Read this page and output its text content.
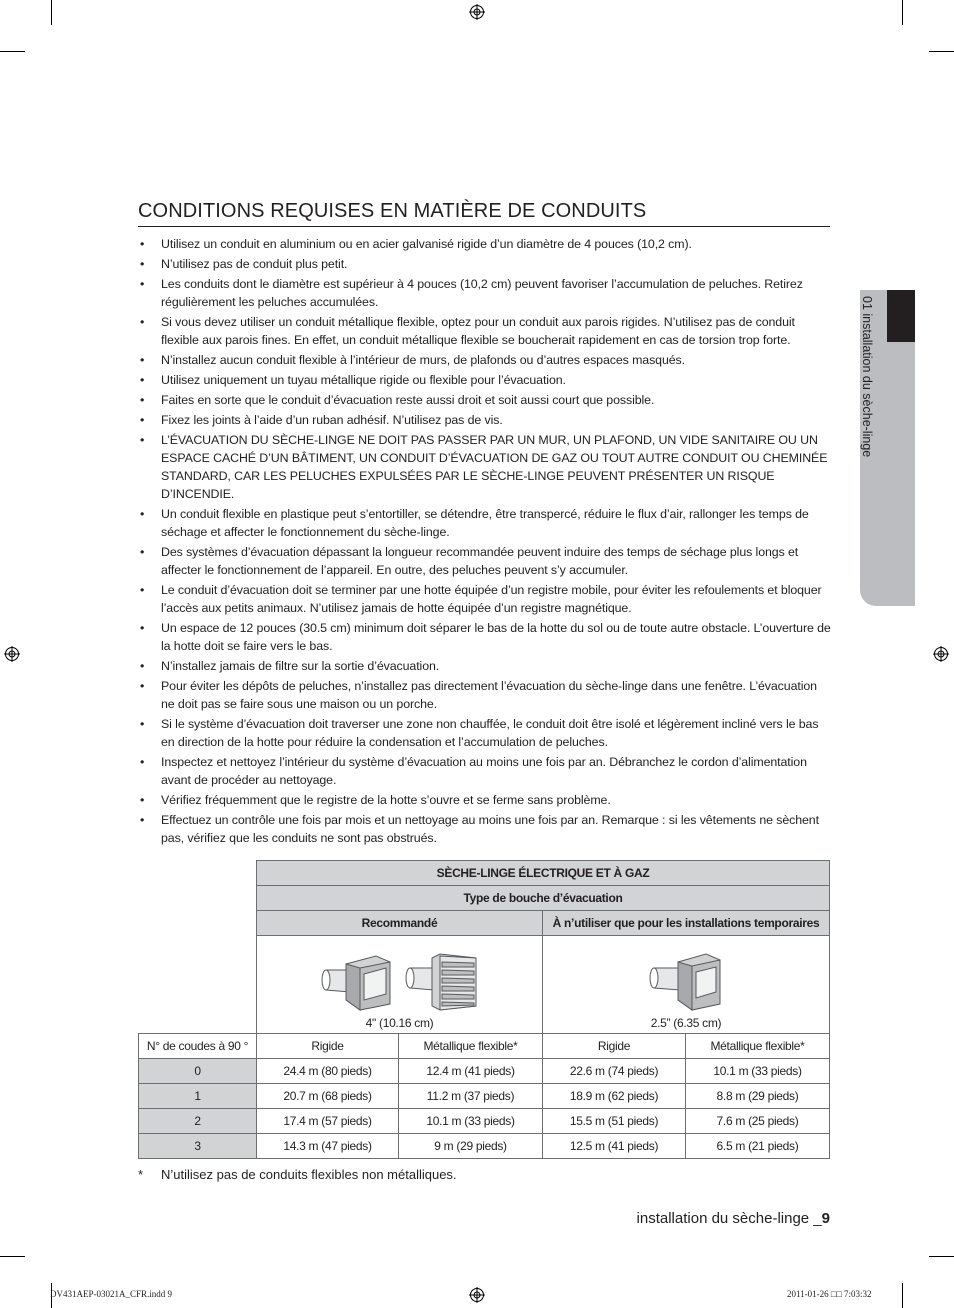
01 installation du sèche-linge
CONDITIONS REQUISES EN MATIÈRE DE CONDUITS
• Utilisez un conduit en aluminium ou en acier galvanisé rigide d’un diamètre de 4 pouces (10,2 cm).
• N’utilisez pas de conduit plus petit.
• Les conduits dont le diamètre est supérieur à 4 pouces (10,2 cm) peuvent favoriser l’accumulation de peluches. Retirez régulièrement les peluches accumulées.
• Si vous devez utiliser un conduit métallique flexible, optez pour un conduit aux parois rigides. N’utilisez pas de conduit flexible aux parois fines. En effet, un conduit métallique flexible se boucherait rapidement en cas de torsion trop forte.
• N’installez aucun conduit flexible à l’intérieur de murs, de plafonds ou d’autres espaces masqués.
• Utilisez uniquement un tuyau métallique rigide ou flexible pour l’évacuation.
• Faites en sorte que le conduit d’évacuation reste aussi droit et soit aussi court que possible.
• Fixez les joints à l’aide d’un ruban adhésif. N’utilisez pas de vis.
• L’ÉVACUATION DU SÈCHE-LINGE NE DOIT PAS PASSER PAR UN MUR, UN PLAFOND, UN VIDE SANITAIRE OU UN ESPACE CACHÉ D’UN BÂTIMENT, UN CONDUIT D’ÉVACUATION DE GAZ OU TOUT AUTRE CONDUIT OU CHEMINÉE STANDARD, CAR LES PELUCHES EXPULSÉES PAR LE SÈCHE-LINGE PEUVENT PRÉSENTER UN RISQUE D’INCENDIE.
• Un conduit flexible en plastique peut s’entortiller, se détendre, être transpercé, réduire le flux d’air, rallonger les temps de séchage et affecter le fonctionnement du sèche-linge.
• Des systèmes d’évacuation dépassant la longueur recommandée peuvent induire des temps de séchage plus longs et affecter le fonctionnement de l’appareil. En outre, des peluches peuvent s’y accumuler.
• Le conduit d’évacuation doit se terminer par une hotte équipée d’un registre mobile, pour éviter les refoulements et bloquer l’accès aux petits animaux. N’utilisez jamais de hotte équipée d’un registre magnétique.
• Un espace de 12 pouces (30.5 cm) minimum doit séparer le bas de la hotte du sol ou de toute autre obstacle. L’ouverture de la hotte doit se faire vers le bas.
• N’installez jamais de filtre sur la sortie d’évacuation.
• Pour éviter les dépôts de peluches, n’installez pas directement l’évacuation du sèche-linge dans une fenêtre. L’évacuation ne doit pas se faire sous une maison ou un porche.
• Si le système d’évacuation doit traverser une zone non chauffée, le conduit doit être isolé et légèrement incliné vers le bas en direction de la hotte pour réduire la condensation et l’accumulation de peluches.
• Inspectez et nettoyez l’intérieur du système d’évacuation au moins une fois par an. Débranchez le cordon d’alimentation avant de procéder au nettoyage.
• Vérifiez fréquemment que le registre de la hotte s’ouvre et se ferme sans problème.
• Effectuez un contrôle une fois par mois et un nettoyage au moins une fois par an. Remarque : si les vêtements ne sèchent pas, vérifiez que les conduits ne sont pas obstrués.
	SÈCHE-LINGE ÉLECTRIQUE ET À GAZ			
	Type de bouche d’évacuation			
	Recommandé		À n’utiliser que pour les installations temporaires	

	4" (10.16 cm)		2.5” (6.35 cm)	

N° de coudes à 90 °	Rigide	Métallique flexible*	Rigide	Métallique flexible*
0	24.4 m (80 pieds)	12.4 m (41 pieds)	22.6 m (74 pieds)	10.1 m (33 pieds)
1	20.7 m (68 pieds)	11.2 m (37 pieds)	18.9 m (62 pieds)	8.8 m (29 pieds)
2	17.4 m (57 pieds)	10.1 m (33 pieds)	15.5 m (51 pieds)	7.6 m (25 pieds)
3	14.3 m (47 pieds)	9 m (29 pieds)	12.5 m (41 pieds)	6.5 m (21 pieds)
* N’utilisez pas de conduits flexibles non métalliques.
installation du sèche-linge _9
DV431AEP-03021A_CFR.indd 9	2011-01-26 □□ 7:03:32
